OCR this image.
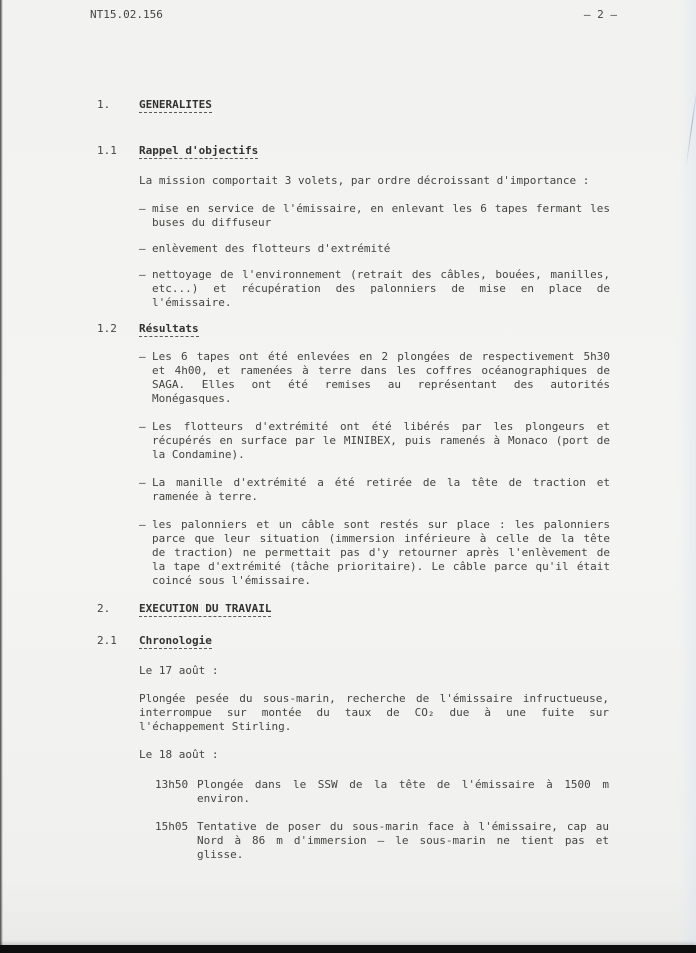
NT15.02.156	– 2 –
1.	GENERALITES
1.1 Rappel d'objectifs
La mission comportait 3 volets, par ordre décroissant d'importance :
– mise en service de l'émissaire, en enlevant les 6 tapes fermant les
buses du diffuseur
– enlèvement des flotteurs d'extrémité
– nettoyage de l'environnement (retrait des câbles, bouées, manilles,
etc...) et récupération des palonniers de mise en place de
l'émissaire.
1.2 Résultats
– Les 6 tapes ont été enlevées en 2 plongées de respectivement 5h30
et 4h00, et ramenées à terre dans les coffres océanographiques de
SAGA. Elles ont été remises au représentant des autorités
Monégasques.
– Les flotteurs d'extrémité ont été libérés par les plongeurs et
récupérés en surface par le MINIBEX, puis ramenés à Monaco (port de
la Condamine).
– La manille d'extrémité a été retirée de la tête de traction et
ramenée à terre.
– les palonniers et un câble sont restés sur place : les palonniers
parce que leur situation (immersion inférieure à celle de la tête
de traction) ne permettait pas d'y retourner après l'enlèvement de
la tape d'extrémité (tâche prioritaire). Le câble parce qu'il était
coincé sous l'émissaire.
2.	EXECUTION DU TRAVAIL
2.1 Chronologie
Le 17 août :
Plongée pesée du sous-marin, recherche de l'émissaire infructueuse,
interrompue sur montée du taux de CO₂ due à une fuite sur
l'échappement Stirling.
Le 18 août :
13h50 Plongée dans le SSW de la tête de l'émissaire à 1500 m
environ.
15h05 Tentative de poser du sous-marin face à l'émissaire, cap au
Nord à 86 m d'immersion – le sous-marin ne tient pas et
glisse.
